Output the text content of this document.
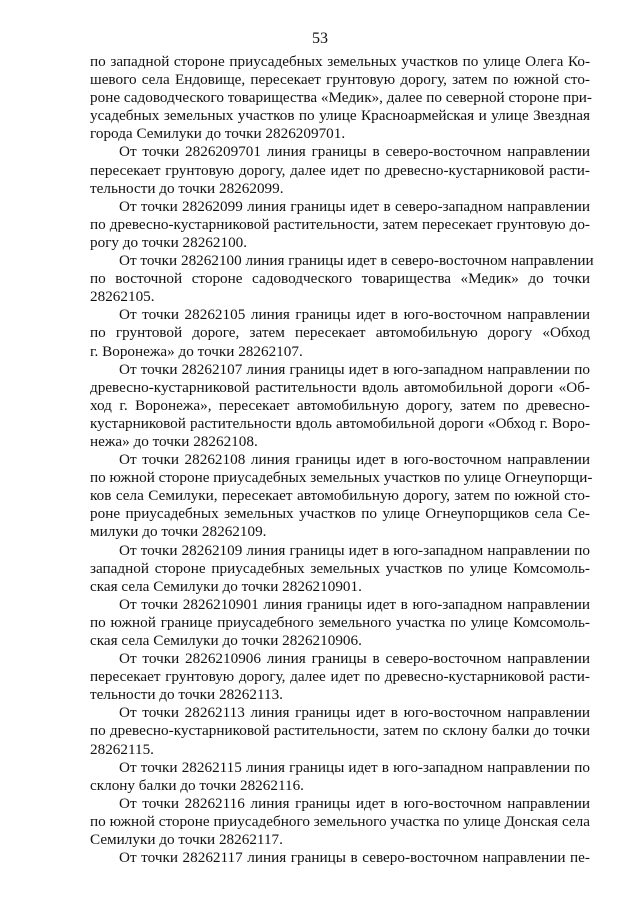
53
по западной стороне приусадебных земельных участков по улице Олега Ко-
шевого села Ендовище, пересекает грунтовую дорогу, затем по южной сто-
роне садоводческого товарищества «Медик», далее по северной стороне при-
усадебных земельных участков по улице Красноармейская и улице Звездная
города Семилуки до точки 2826209701.
От точки 2826209701 линия границы в северо-восточном направлении
пересекает грунтовую дорогу, далее идет по древесно-кустарниковой расти-
тельности до точки 28262099.
От точки 28262099 линия границы идет в северо-западном направлении
по древесно-кустарниковой растительности, затем пересекает грунтовую до-
рогу до точки 28262100.
От точки 28262100 линия границы идет в северо-восточном направлении
по восточной стороне садоводческого товарищества «Медик» до точки
28262105.
От точки 28262105 линия границы идет в юго-восточном направлении
по грунтовой дороге, затем пересекает автомобильную дорогу «Обход
г. Воронежа» до точки 28262107.
От точки 28262107 линия границы идет в юго-западном направлении по
древесно-кустарниковой растительности вдоль автомобильной дороги «Об-
ход г. Воронежа», пересекает автомобильную дорогу, затем по древесно-
кустарниковой растительности вдоль автомобильной дороги «Обход г. Воро-
нежа» до точки 28262108.
От точки 28262108 линия границы идет в юго-восточном направлении
по южной стороне приусадебных земельных участков по улице Огнеупорщи-
ков села Семилуки, пересекает автомобильную дорогу, затем по южной сто-
роне приусадебных земельных участков по улице Огнеупорщиков села Се-
милуки до точки 28262109.
От точки 28262109 линия границы идет в юго-западном направлении по
западной стороне приусадебных земельных участков по улице Комсомоль-
ская села Семилуки до точки 2826210901.
От точки 2826210901 линия границы идет в юго-западном направлении
по южной границе приусадебного земельного участка по улице Комсомоль-
ская села Семилуки до точки 2826210906.
От точки 2826210906 линия границы в северо-восточном направлении
пересекает грунтовую дорогу, далее идет по древесно-кустарниковой расти-
тельности до точки 28262113.
От точки 28262113 линия границы идет в юго-восточном направлении
по древесно-кустарниковой растительности, затем по склону балки до точки
28262115.
От точки 28262115 линия границы идет в юго-западном направлении по
склону балки до точки 28262116.
От точки 28262116 линия границы идет в юго-восточном направлении
по южной стороне приусадебного земельного участка по улице Донская села
Семилуки до точки 28262117.
От точки 28262117 линия границы в северо-восточном направлении пе-
